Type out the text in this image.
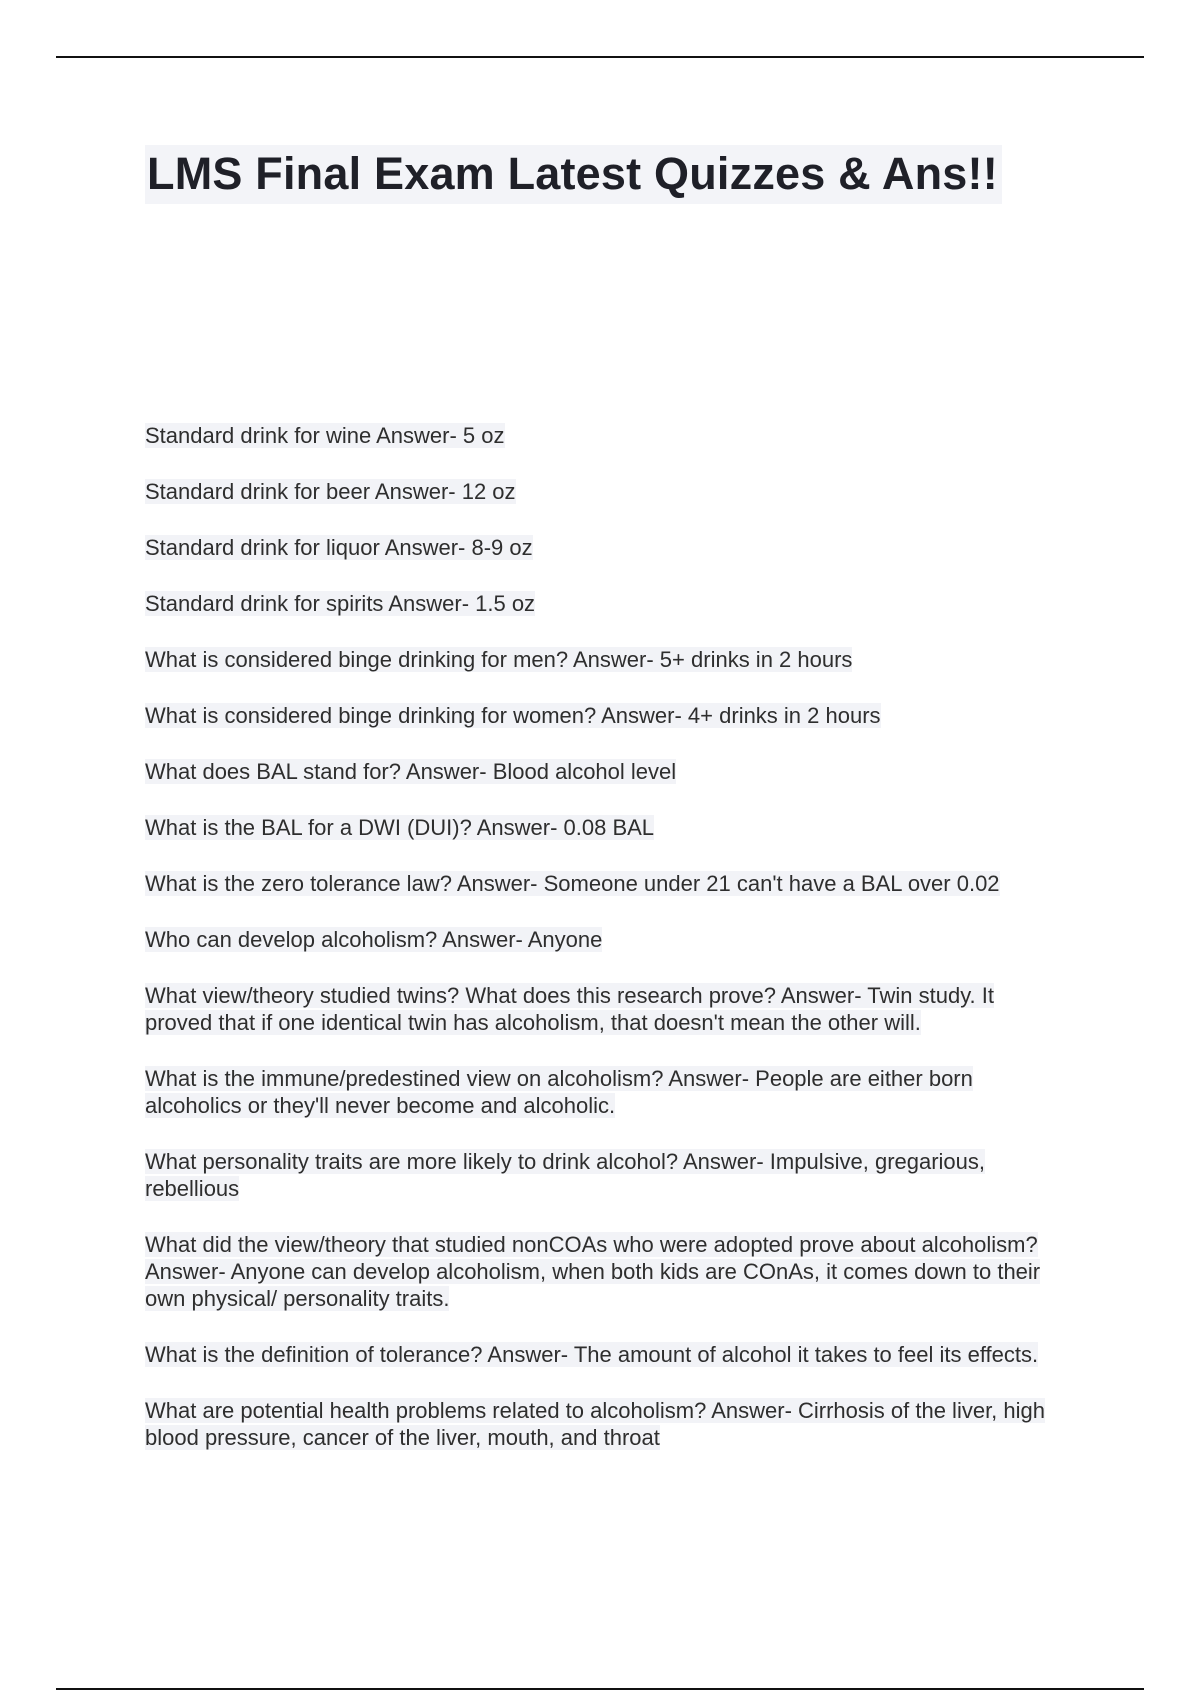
LMS Final Exam Latest Quizzes & Ans!!

Standard drink for wine Answer- 5 oz

Standard drink for beer Answer- 12 oz

Standard drink for liquor Answer- 8-9 oz

Standard drink for spirits Answer- 1.5 oz

What is considered binge drinking for men? Answer- 5+ drinks in 2 hours

What is considered binge drinking for women? Answer- 4+ drinks in 2 hours

What does BAL stand for? Answer- Blood alcohol level

What is the BAL for a DWI (DUI)? Answer- 0.08 BAL

What is the zero tolerance law? Answer- Someone under 21 can't have a BAL over 0.02

Who can develop alcoholism? Answer- Anyone

What view/theory studied twins? What does this research prove? Answer- Twin study. It proved that if one identical twin has alcoholism, that doesn't mean the other will.

What is the immune/predestined view on alcoholism? Answer- People are either born alcoholics or they'll never become and alcoholic.

What personality traits are more likely to drink alcohol? Answer- Impulsive, gregarious, rebellious

What did the view/theory that studied nonCOAs who were adopted prove about alcoholism? Answer- Anyone can develop alcoholism, when both kids are COnAs, it comes down to their own physical/ personality traits.

What is the definition of tolerance? Answer- The amount of alcohol it takes to feel its effects.

What are potential health problems related to alcoholism? Answer- Cirrhosis of the liver, high blood pressure, cancer of the liver, mouth, and throat
